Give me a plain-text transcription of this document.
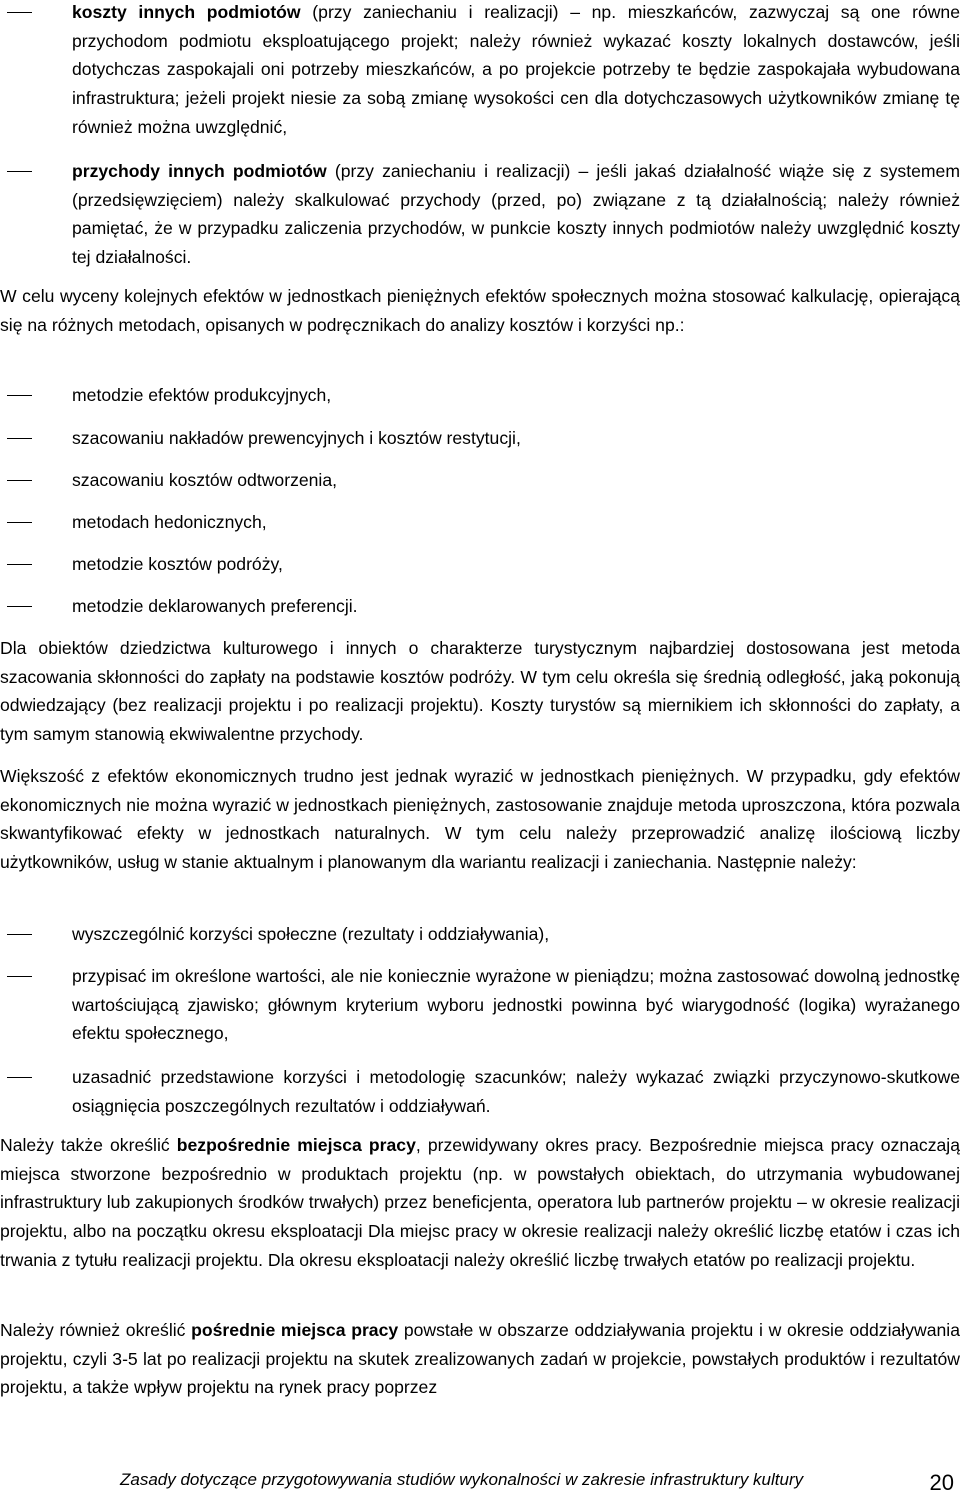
koszty innych podmiotów (przy zaniechaniu i realizacji) – np. mieszkańców, zazwyczaj są one równe przychodom podmiotu eksploatującego projekt; należy również wykazać koszty lokalnych dostawców, jeśli dotychczas zaspokajali oni potrzeby mieszkańców, a po projekcie potrzeby te będzie zaspokajała wybudowana infrastruktura; jeżeli projekt niesie za sobą zmianę wysokości cen dla dotychczasowych użytkowników zmianę tę również można uwzględnić,
przychody innych podmiotów (przy zaniechaniu i realizacji) – jeśli jakaś działalność wiąże się z systemem (przedsięwzięciem) należy skalkulować przychody (przed, po) związane z tą działalnością; należy również pamiętać, że w przypadku zaliczenia przychodów, w punkcie koszty innych podmiotów należy uwzględnić koszty tej działalności.
W celu wyceny kolejnych efektów w jednostkach pieniężnych efektów społecznych można stosować kalkulację, opierającą się na różnych metodach, opisanych w podręcznikach do analizy kosztów i korzyści np.:
metodzie efektów produkcyjnych,
szacowaniu nakładów prewencyjnych i kosztów restytucji,
szacowaniu kosztów odtworzenia,
metodach hedonicznych,
metodzie kosztów podróży,
metodzie deklarowanych preferencji.
Dla obiektów dziedzictwa kulturowego i innych o charakterze turystycznym najbardziej dostosowana jest metoda szacowania skłonności do zapłaty na podstawie kosztów podróży. W tym celu określa się średnią odległość, jaką pokonują odwiedzający (bez realizacji projektu i po realizacji projektu). Koszty turystów są miernikiem ich skłonności do zapłaty, a tym samym stanowią ekwiwalentne przychody.
Większość z efektów ekonomicznych trudno jest jednak wyrazić w jednostkach pieniężnych. W przypadku, gdy efektów ekonomicznych nie można wyrazić w jednostkach pieniężnych, zastosowanie znajduje metoda uproszczona, która pozwala skwantyfikować efekty w jednostkach naturalnych. W tym celu należy przeprowadzić analizę ilościową liczby użytkowników, usług w stanie aktualnym i planowanym dla wariantu realizacji i zaniechania. Następnie należy:
wyszczególnić korzyści społeczne (rezultaty i oddziaływania),
przypisać im określone wartości, ale nie koniecznie wyrażone w pieniądzu; można zastosować dowolną jednostkę wartościującą zjawisko; głównym kryterium wyboru jednostki powinna być wiarygodność (logika) wyrażanego efektu społecznego,
uzasadnić przedstawione korzyści i metodologię szacunków; należy wykazać związki przyczynowo-skutkowe osiągnięcia poszczególnych rezultatów i oddziaływań.
Należy także określić bezpośrednie miejsca pracy, przewidywany okres pracy. Bezpośrednie miejsca pracy oznaczają miejsca stworzone bezpośrednio w produktach projektu (np. w powstałych obiektach, do utrzymania wybudowanej infrastruktury lub zakupionych środków trwałych) przez beneficjenta, operatora lub partnerów projektu – w okresie realizacji projektu, albo na początku okresu eksploatacji Dla miejsc pracy w okresie realizacji należy określić liczbę etatów i czas ich trwania z tytułu realizacji projektu. Dla okresu eksploatacji należy określić liczbę trwałych etatów po realizacji projektu.
Należy również określić pośrednie miejsca pracy powstałe w obszarze oddziaływania projektu i w okresie oddziaływania projektu, czyli 3-5 lat po realizacji projektu na skutek zrealizowanych zadań w projekcie, powstałych produktów i rezultatów projektu, a także wpływ projektu na rynek pracy poprzez
Zasady dotyczące przygotowywania studiów wykonalności w zakresie infrastruktury kultury	20
